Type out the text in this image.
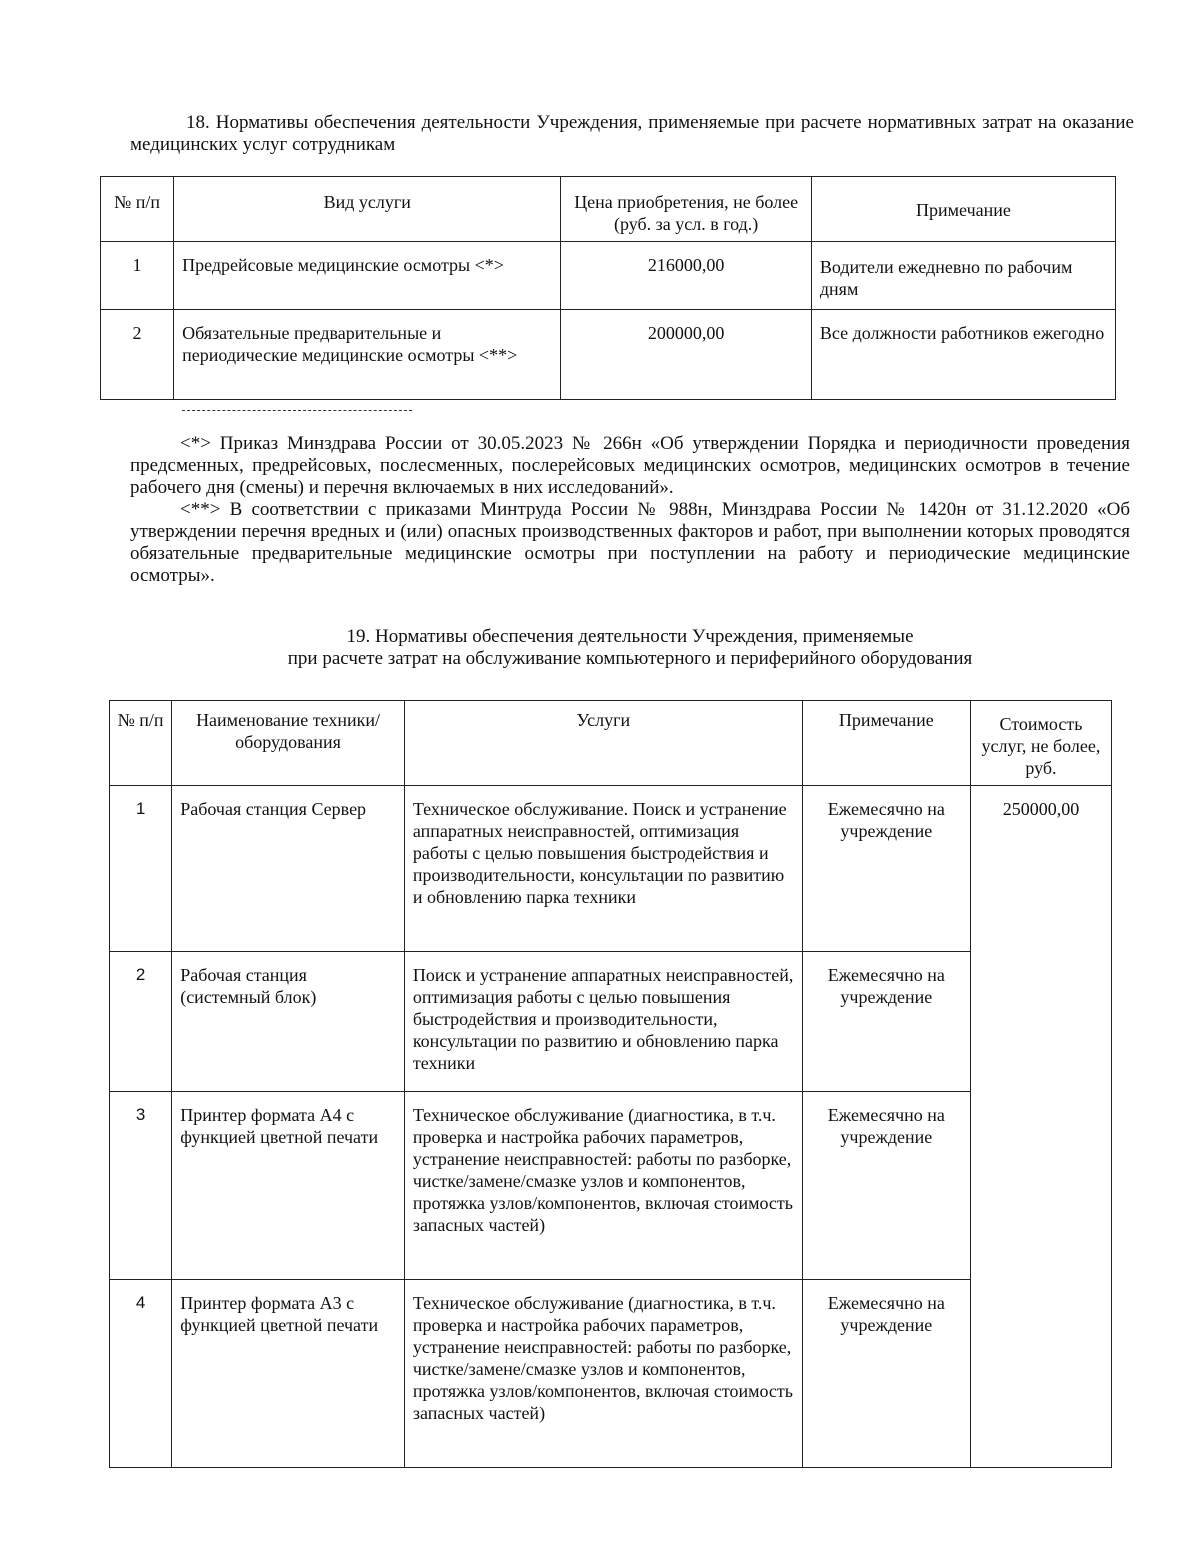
18. Нормативы обеспечения деятельности Учреждения, применяемые при расчете нормативных затрат на оказание медицинских услуг сотрудникам
№ п/п	Вид услуги	Цена приобретения, не более (руб. за усл. в год.)	Примечание
1	Предрейсовые медицинские осмотры <*>	216000,00	Водители ежедневно по рабочим дням
2	Обязательные предварительные и периодические медицинские осмотры <**>	200000,00	Все должности работников ежегодно

<*> Приказ Минздрава России от 30.05.2023 № 266н «Об утверждении Порядка и периодичности проведения предсменных, предрейсовых, послесменных, послерейсовых медицинских осмотров, медицинских осмотров в течение рабочего дня (смены) и перечня включаемых в них исследований».

<**> В соответствии с приказами Минтруда России № 988н, Минздрава России № 1420н от 31.12.2020 «Об утверждении перечня вредных и (или) опасных производственных факторов и работ, при выполнении которых проводятся обязательные предварительные медицинские осмотры при поступлении на работу и периодические медицинские осмотры».

19. Нормативы обеспечения деятельности Учреждения, применяемые
при расчете затрат на обслуживание компьютерного и периферийного оборудования
№ п/п	Наименование техники/оборудования	Услуги	Примечание	Стоимость услуг, не более, руб.
1	Рабочая станция Сервер	Техническое обслуживание. Поиск и устранение аппаратных неисправностей, оптимизация работы с целью повышения быстродействия и производительности, консультации по развитию и обновлению парка техники	Ежемесячно на учреждение	250000,00
2	Рабочая станция (системный блок)	Поиск и устранение аппаратных неисправностей, оптимизация работы с целью повышения быстродействия и производительности, консультации по развитию и обновлению парка техники	Ежемесячно на учреждение	
3	Принтер формата А4 с функцией цветной печати	Техническое обслуживание (диагностика, в т.ч. проверка и настройка рабочих параметров, устранение неисправностей: работы по разборке, чистке/замене/смазке узлов и компонентов, протяжка узлов/компонентов, включая стоимость запасных частей)	Ежемесячно на учреждение	
4	Принтер формата А3 с функцией цветной печати	Техническое обслуживание (диагностика, в т.ч. проверка и настройка рабочих параметров, устранение неисправностей: работы по разборке, чистке/замене/смазке узлов и компонентов, протяжка узлов/компонентов, включая стоимость запасных частей)	Ежемесячно на учреждение	
